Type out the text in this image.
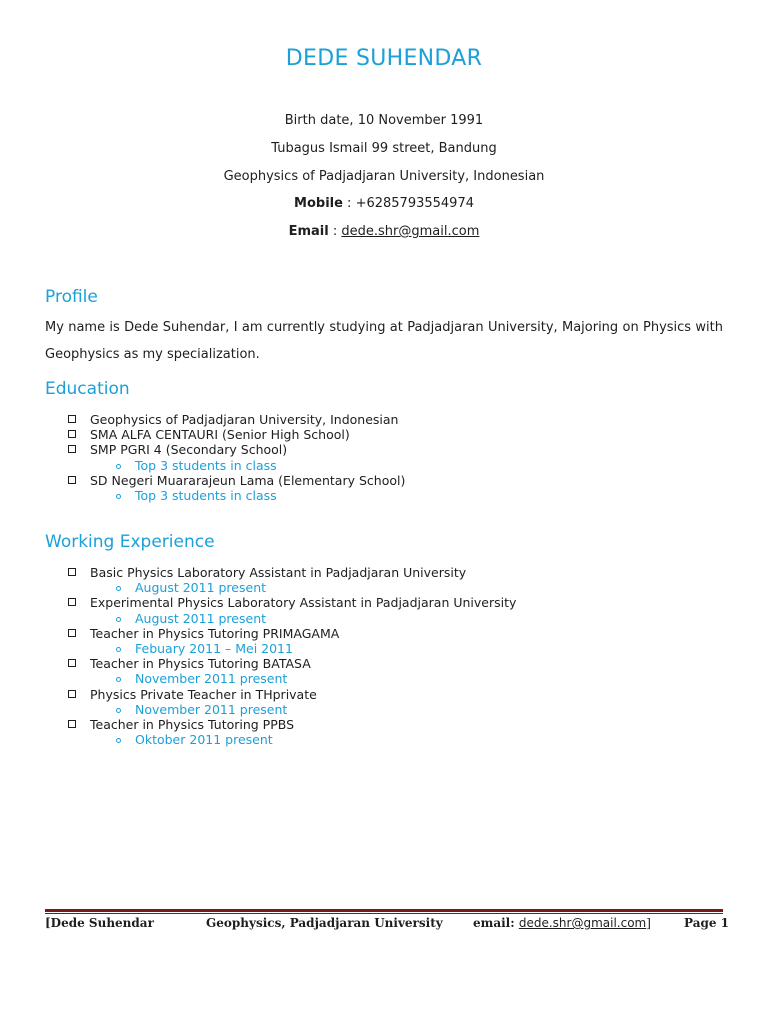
DEDE SUHENDAR
Birth date, 10 November 1991
Tubagus Ismail 99 street, Bandung
Geophysics of Padjadjaran University, Indonesian
Mobile : +6285793554974
Email : dede.shr@gmail.com
Profile
My name is Dede Suhendar, I am currently studying at Padjadjaran University, Majoring on Physics with Geophysics as my specialization.
Education
Geophysics of Padjadjaran University, Indonesian
SMA ALFA CENTAURI (Senior High School)
SMP PGRI 4 (Secondary School)
Top 3 students in class
SD Negeri Muararajeun Lama (Elementary School)
Top 3 students in class
Working Experience
Basic Physics Laboratory Assistant in Padjadjaran University
August 2011 present
Experimental Physics Laboratory Assistant in Padjadjaran University
August 2011 present
Teacher in Physics Tutoring PRIMAGAMA
Febuary 2011 – Mei 2011
Teacher in Physics Tutoring BATASA
November 2011 present
Physics Private Teacher in THprivate
November 2011 present
Teacher in Physics Tutoring PPBS
Oktober 2011 present
[Dede Suhendar	Geophysics, Padjadjaran University	email: dede.shr@gmail.com]	Page 1
